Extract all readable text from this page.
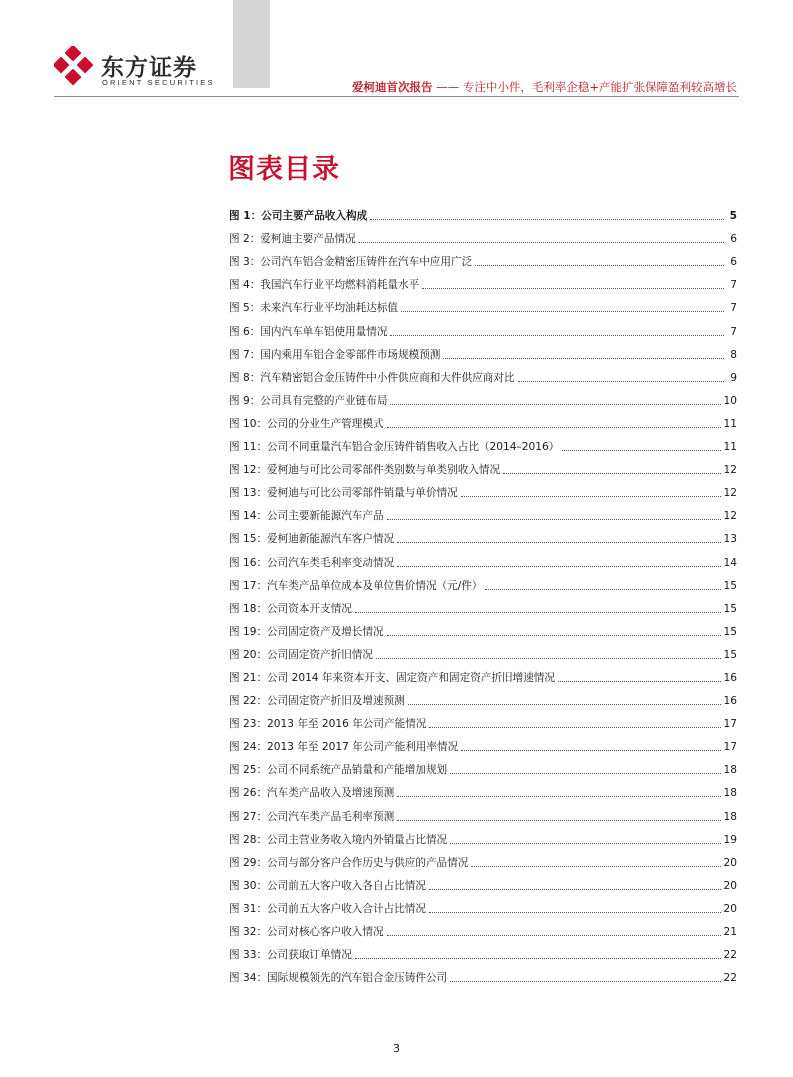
东方证券
ORIENT SECURITIES	爱柯迪首次报告 —— 专注中小件，毛利率企稳+产能扩张保障盈利较高增长
图表目录
图 1：公司主要产品收入构成	5
图 2：爱柯迪主要产品情况	6
图 3：公司汽车铝合金精密压铸件在汽车中应用广泛	6
图 4：我国汽车行业平均燃料消耗量水平	7
图 5：未来汽车行业平均油耗达标值	7
图 6：国内汽车单车铝使用量情况	7
图 7：国内乘用车铝合金零部件市场规模预测	8
图 8：汽车精密铝合金压铸件中小件供应商和大件供应商对比	9
图 9：公司具有完整的产业链布局	10
图 10：公司的分业生产管理模式	11
图 11：公司不同重量汽车铝合金压铸件销售收入占比（2014–2016）	11
图 12：爱柯迪与可比公司零部件类别数与单类别收入情况	12
图 13：爱柯迪与可比公司零部件销量与单价情况	12
图 14：公司主要新能源汽车产品	12
图 15：爱柯迪新能源汽车客户情况	13
图 16：公司汽车类毛利率变动情况	14
图 17：汽车类产品单位成本及单位售价情况（元/件）	15
图 18：公司资本开支情况	15
图 19：公司固定资产及增长情况	15
图 20：公司固定资产折旧情况	15
图 21：公司 2014 年来资本开支、固定资产和固定资产折旧增速情况	16
图 22：公司固定资产折旧及增速预测	16
图 23：2013 年至 2016 年公司产能情况	17
图 24：2013 年至 2017 年公司产能利用率情况	17
图 25：公司不同系统产品销量和产能增加规划	18
图 26：汽车类产品收入及增速预测	18
图 27：公司汽车类产品毛利率预测	18
图 28：公司主营业务收入境内外销量占比情况	19
图 29：公司与部分客户合作历史与供应的产品情况	20
图 30：公司前五大客户收入各自占比情况	20
图 31：公司前五大客户收入合计占比情况	20
图 32：公司对核心客户收入情况	21
图 33：公司获取订单情况	22
图 34：国际规模领先的汽车铝合金压铸件公司	22
3
